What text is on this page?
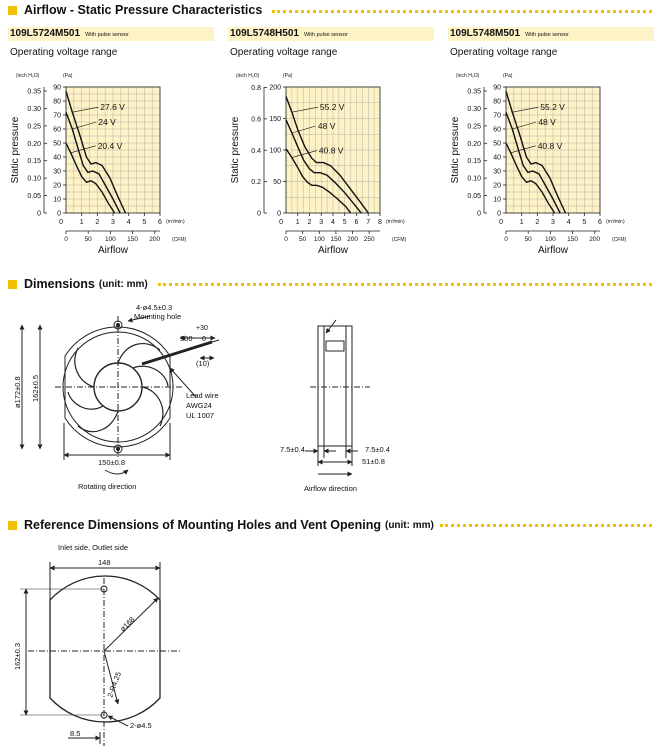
Airflow - Static Pressure Characteristics
109L5724M501 With pulse sensor
Operating voltage range
0
10
20
30
40
50
60
70
80
90
0
0.05
0.10
0.15
0.20
0.25
0.30
0.35
(inch H₂O)	(Pa)
1 2 3 4 5 6
0	(m³/min)
0	50 100 150 200 (CFM)
Airflow
Static pressure
27.6 V
24 V
20.4 V
109L5748H501 With pulse sensor
Operating voltage range
0
50
100
150
200
0
0.2
0.4
0.6
0.8
(inch H₂O)	(Pa)
1 2 3 4 5 6 7 8
0	(m³/min)
0 50 100 150 200 250	(CFM)
Airflow
Static pressure
55.2 V
48 V
40.8 V
109L5748M501 With pulse sensor
Operating voltage range
0
10
20
30
40
50
60
70
80
90
0
0.05
0.10
0.15
0.20
0.25
0.30
0.35
(inch H₂O)	(Pa)
1 2 3 4 5 6
0	(m³/min)
0	50 100 150 200 (CFM)
Airflow
Static pressure
55.2 V
48 V
40.8 V
Dimensions (unit: mm)
4-ø4.5±0.3
Mounting hole
+30
300 0
(10)
Lead wire
AWG24
UL 1007
ø172±0.8 162±0.5
150±0.8
Rotating direction
7.5±0.4	7.5±0.4
51±0.8
Airflow direction
Reference Dimensions of Mounting Holes and Vent Opening (unit: mm)
Inlet side, Outlet side
148
ø168
2-R4.25
2-ø4.5
162±0.3
8.5
